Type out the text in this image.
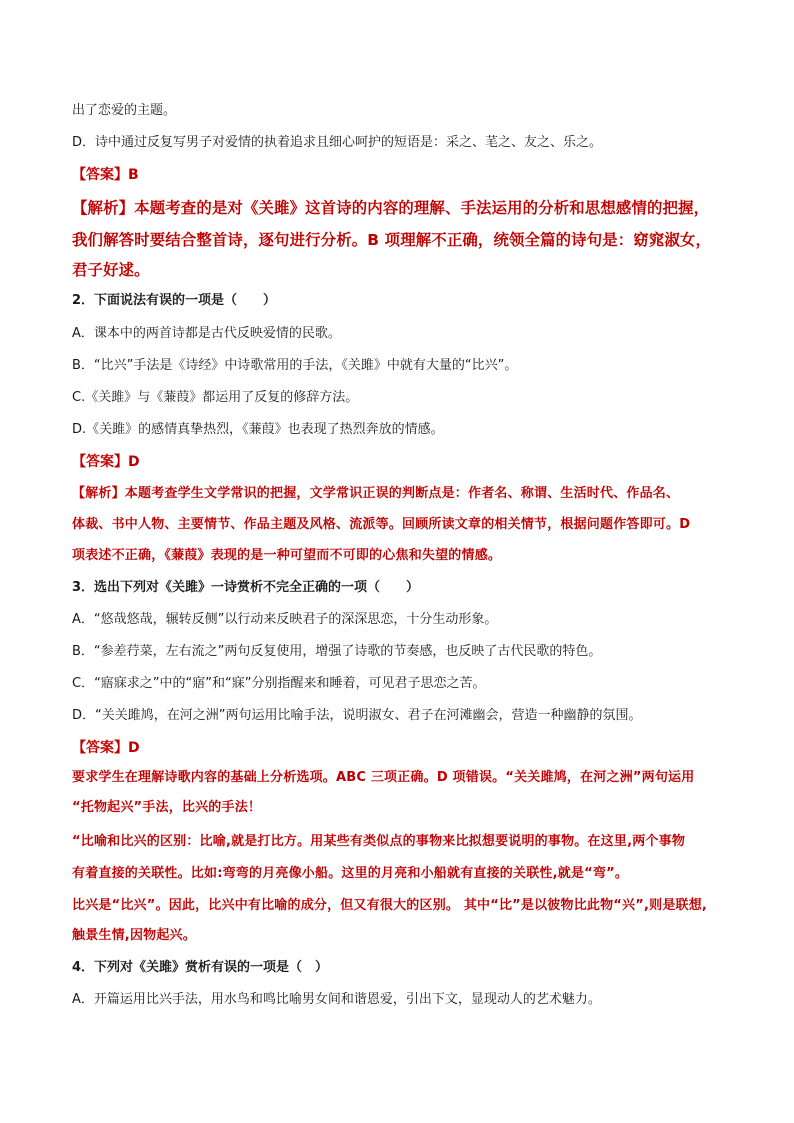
出了恋爱的主题。
D．诗中通过反复写男子对爱情的执着追求且细心呵护的短语是：采之、芼之、友之、乐之。
【答案】B
【解析】本题考查的是对《关雎》这首诗的内容的理解、手法运用的分析和思想感情的把握，
我们解答时要结合整首诗，逐句进行分析。B 项理解不正确，统领全篇的诗句是：窈窕淑女，
君子好逑。
2．下面说法有误的一项是（　　）
A．课本中的两首诗都是古代反映爱情的民歌。
B．“比兴”手法是《诗经》中诗歌常用的手法，《关雎》中就有大量的“比兴”。
C.《关雎》与《蒹葭》都运用了反复的修辞方法。
D.《关雎》的感情真挚热烈，《蒹葭》也表现了热烈奔放的情感。
【答案】D
【解析】本题考查学生文学常识的把握，文学常识正误的判断点是：作者名、称谓、生活时代、作品名、
体裁、书中人物、主要情节、作品主题及风格、流派等。回顾所读文章的相关情节，根据问题作答即可。D
项表述不正确，《蒹葭》表现的是一种可望而不可即的心焦和失望的情感。
3．选出下列对《关雎》一诗赏析不完全正确的一项（　　）
A．“悠哉悠哉，辗转反侧”以行动来反映君子的深深思恋，十分生动形象。
B．“参差荇菜，左右流之”两句反复使用，增强了诗歌的节奏感，也反映了古代民歌的特色。
C．“寤寐求之”中的“寤”和“寐”分别指醒来和睡着，可见君子思恋之苦。
D．“关关雎鸠，在河之洲”两句运用比喻手法，说明淑女、君子在河滩幽会，营造一种幽静的氛围。
【答案】D
要求学生在理解诗歌内容的基础上分析选项。ABC 三项正确。D 项错误。“关关雎鸠，在河之洲”两句运用
“托物起兴”手法，比兴的手法！
“比喻和比兴的区别：比喻,就是打比方。用某些有类似点的事物来比拟想要说明的事物。在这里,两个事物
有着直接的关联性。比如:弯弯的月亮像小船。这里的月亮和小船就有直接的关联性,就是“弯”。
比兴是“比兴”。因此，比兴中有比喻的成分，但又有很大的区别。 其中“比”是以彼物比此物“兴”,则是联想,
触景生情,因物起兴。
4．下列对《关雎》赏析有误的一项是（　）
A．开篇运用比兴手法，用水鸟和鸣比喻男女间和谐恩爱，引出下文，显现动人的艺术魅力。
